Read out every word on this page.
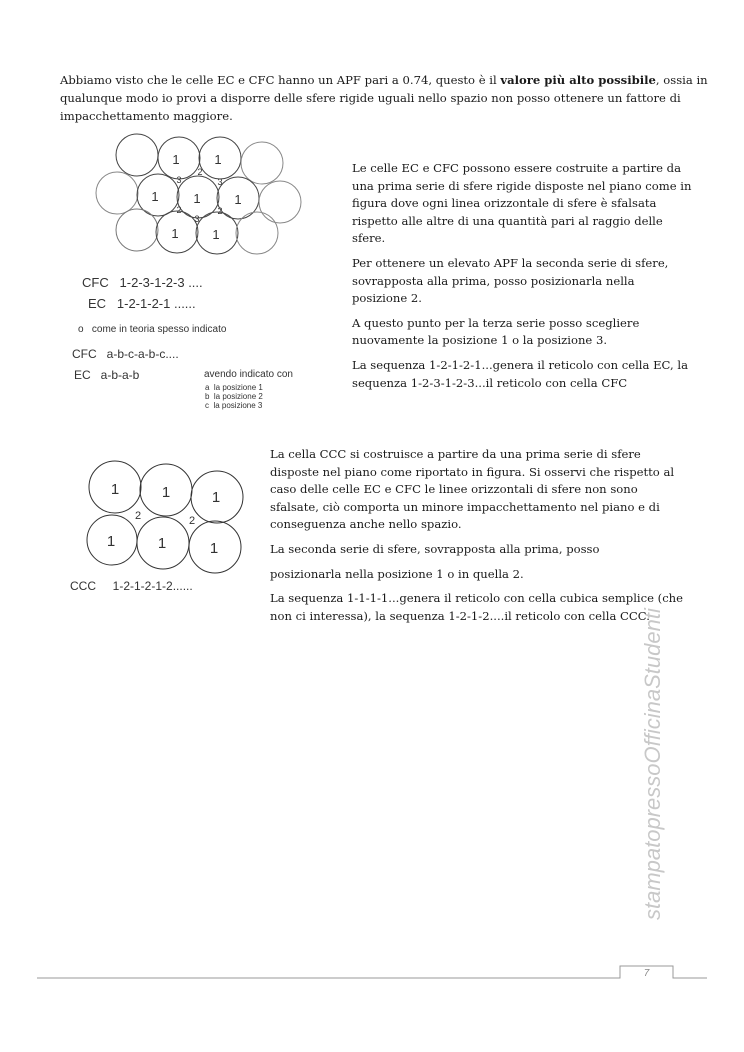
Abbiamo visto che le celle EC e CFC hanno un APF pari a 0.74, questo è il valore più alto possibile, ossia in qualunque modo io provi a disporre delle sfere rigide uguali nello spazio non posso ottenere un fattore di impacchettamento maggiore.

1	1
1	1	1
1	1
2
3	3
2	2
3
CFC   1-2-3-1-2-3 ....
EC   1-2-1-2-1 ......
o   come in teoria spesso indicato
CFC   a-b-c-a-b-c....
EC   a-b-a-b	avendo indicato con
a  la posizione 1
b  la posizione 2
c  la posizione 3
1	1	1
1	1	1
2	2
CCC     1-2-1-2-1-2......

Le celle EC e CFC possono essere costruite a partire da una prima serie di sfere rigide disposte nel piano come in figura dove ogni linea orizzontale di sfere è sfalsata rispetto alle altre di una quantità pari al raggio delle sfere.

Per ottenere un elevato APF la seconda serie di sfere, sovrapposta alla prima, posso posizionarla nella posizione 2.

A questo punto per la terza serie posso scegliere nuovamente la posizione 1 o la posizione 3.

La sequenza 1-2-1-2-1...genera il reticolo con cella EC, la sequenza 1-2-3-1-2-3...il reticolo con cella CFC

La cella CCC si costruisce a partire da una prima serie di sfere disposte nel piano come riportato in figura. Si osservi che rispetto al caso delle celle EC e CFC le linee orizzontali di sfere non sono sfalsate, ciò comporta un minore impacchettamento nel piano e di conseguenza anche nello spazio.

La seconda serie di sfere, sovrapposta alla prima, posso

posizionarla nella posizione 1 o in quella 2.

La sequenza 1-1-1-1...genera il reticolo con cella cubica semplice (che non ci interessa), la sequenza 1-2-1-2....il reticolo con cella CCC.

stampatopressoOfficinaStudenti
7
